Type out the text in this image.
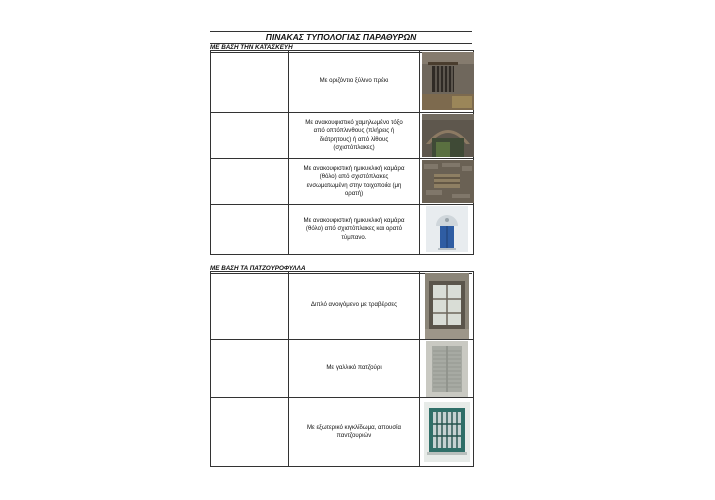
ΠΙΝΑΚΑΣ ΤΥΠΟΛΟΓΙΑΣ ΠΑΡΑΘΥΡΩΝ
ΜΕ ΒΑΣΗ ΤΗΝ ΚΑΤΑΣΚΕΥΗ
Με οριζόντιο ξύλινο πρέκι
Με ανακουφιστικό χαμηλωμένο τόξο από οπτόπλινθους (πλήρεις ή διάτρητους) ή από λίθους (σχιστόπλακες)
Με ανακουφιστική ημικυκλική καμάρα (θόλο) από σχιστόπλακες ενσωματωμένη στην τοιχοποιία (μη ορατή)
Με ανακουφιστική ημικυκλική καμάρα (θόλο) από σχιστόπλακες και ορατό τύμπανο.
ΜΕ ΒΑΣΗ ΤΑ ΠΑΤΖΟΥΡΟΦΥΛΛΑ
Διπλό ανοιγόμενο με τραβέρσες
Με γαλλικό πατζούρι
Με εξωτερικό κιγκλίδωμα, απουσία παντζουριών
